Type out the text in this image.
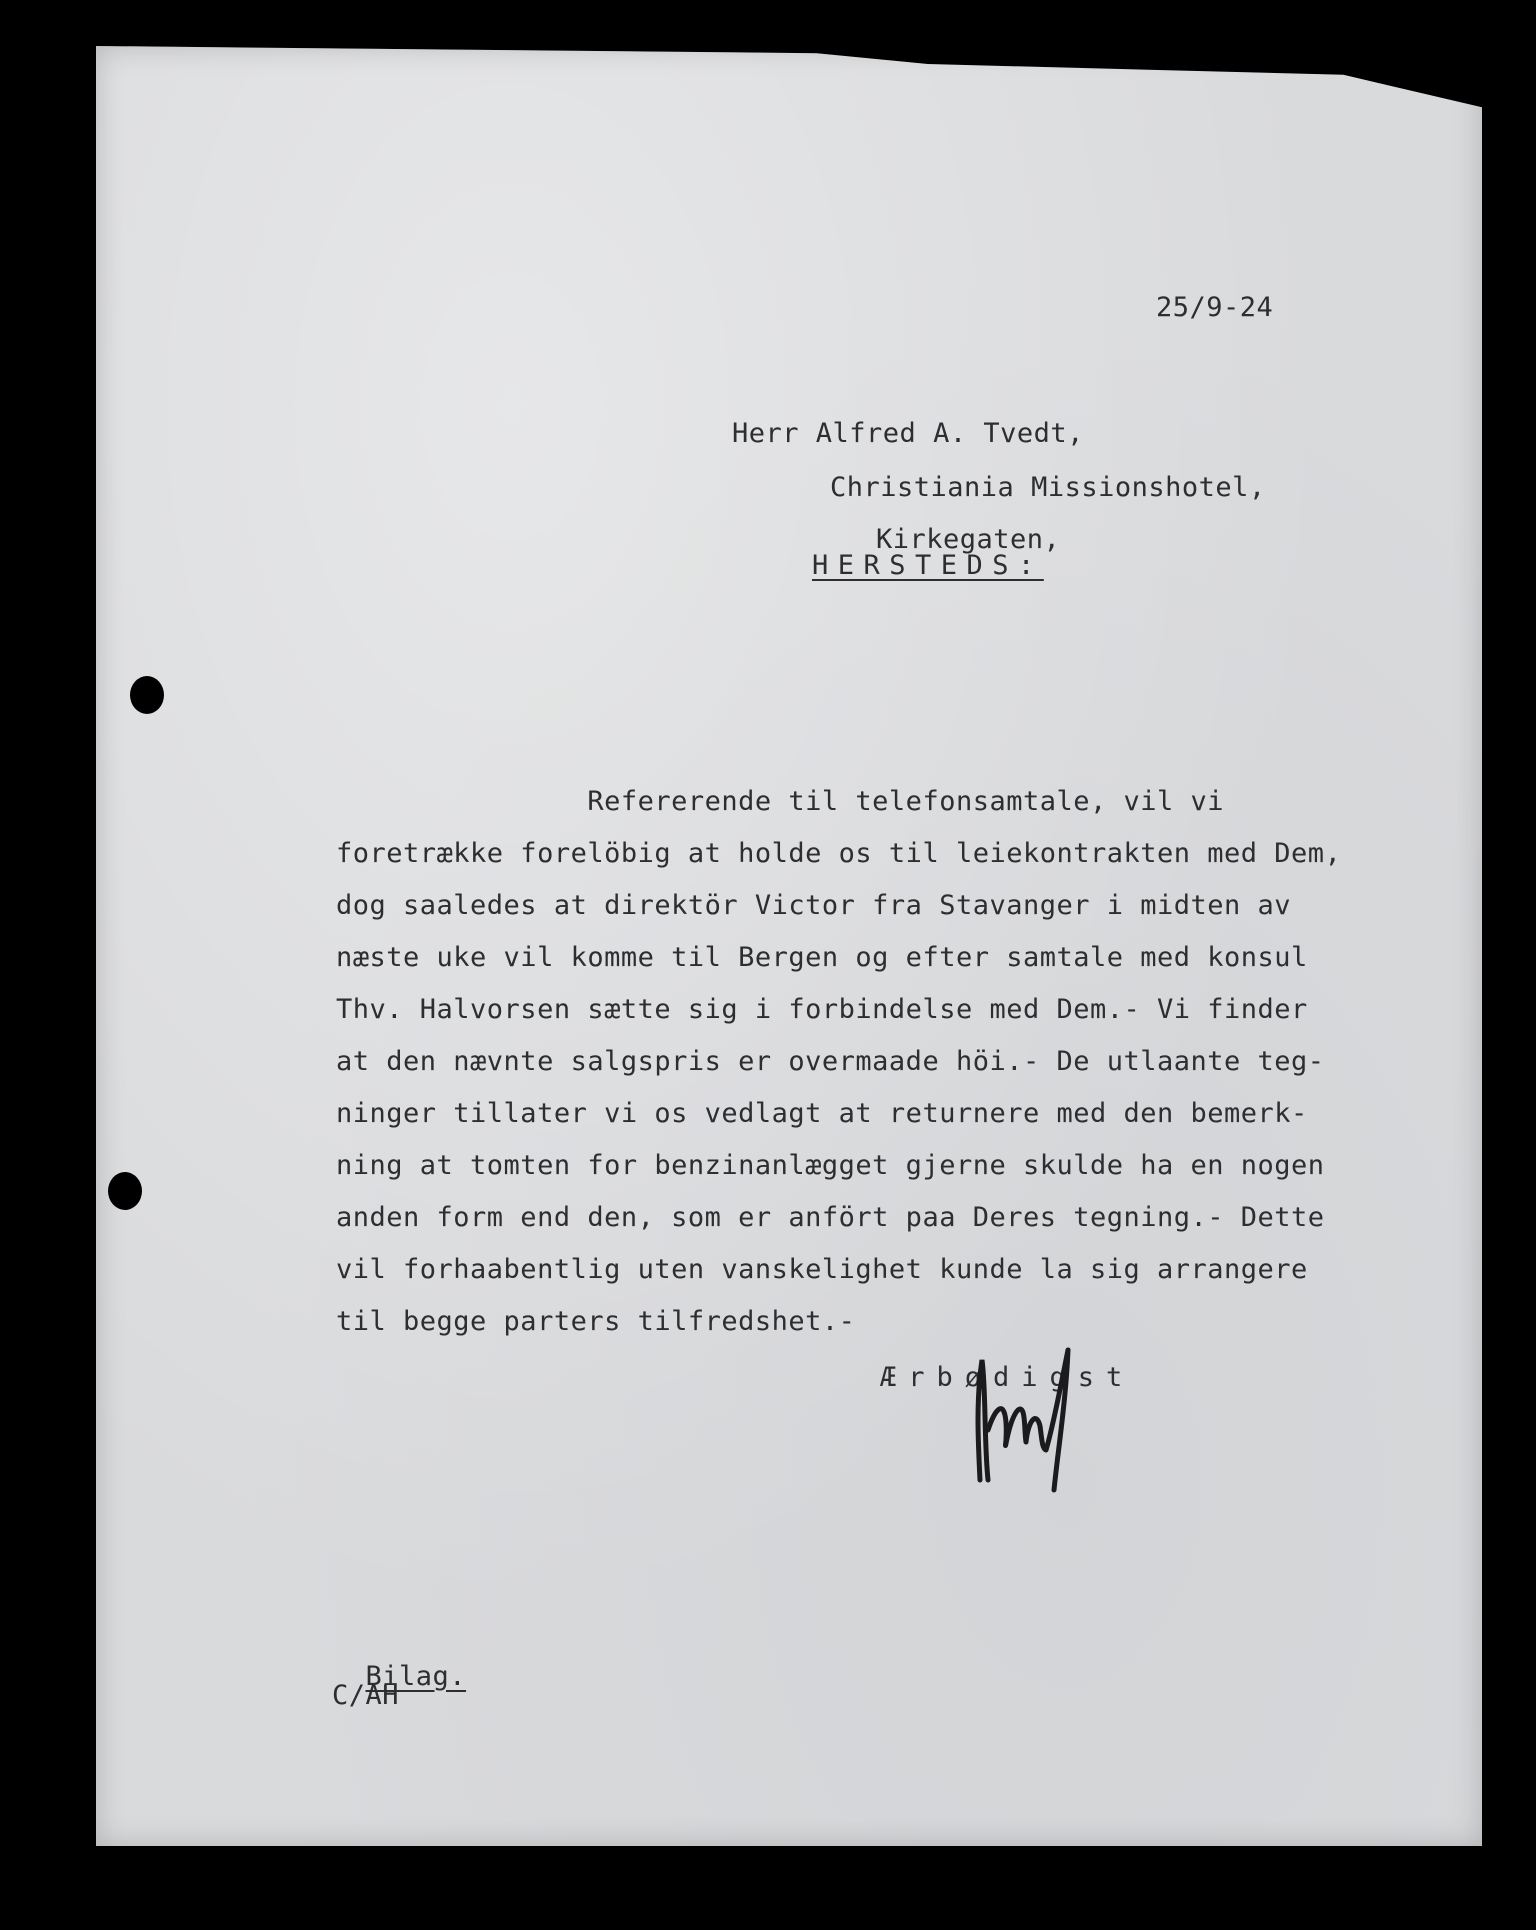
25/9-24
Herr Alfred A. Tvedt,
Christiania Missionshotel,
Kirkegaten,
HERSTEDS:
Refererende til telefonsamtale, vil vi
foretrække forelöbig at holde os til leiekontrakten med Dem,
dog saaledes at direktör Victor fra Stavanger i midten av
næste uke vil komme til Bergen og efter samtale med konsul
Thv. Halvorsen sætte sig i forbindelse med Dem.- Vi finder
at den nævnte salgspris er overmaade höi.- De utlaante teg-
ninger tillater vi os vedlagt at returnere med den bemerk-
ning at tomten for benzinanlægget gjerne skulde ha en nogen
anden form end den, som er anfört paa Deres tegning.- Dette
vil forhaabentlig uten vanskelighet kunde la sig arrangere
til begge parters tilfredshet.-
Ærbødigst

Bilag.

C/AH
